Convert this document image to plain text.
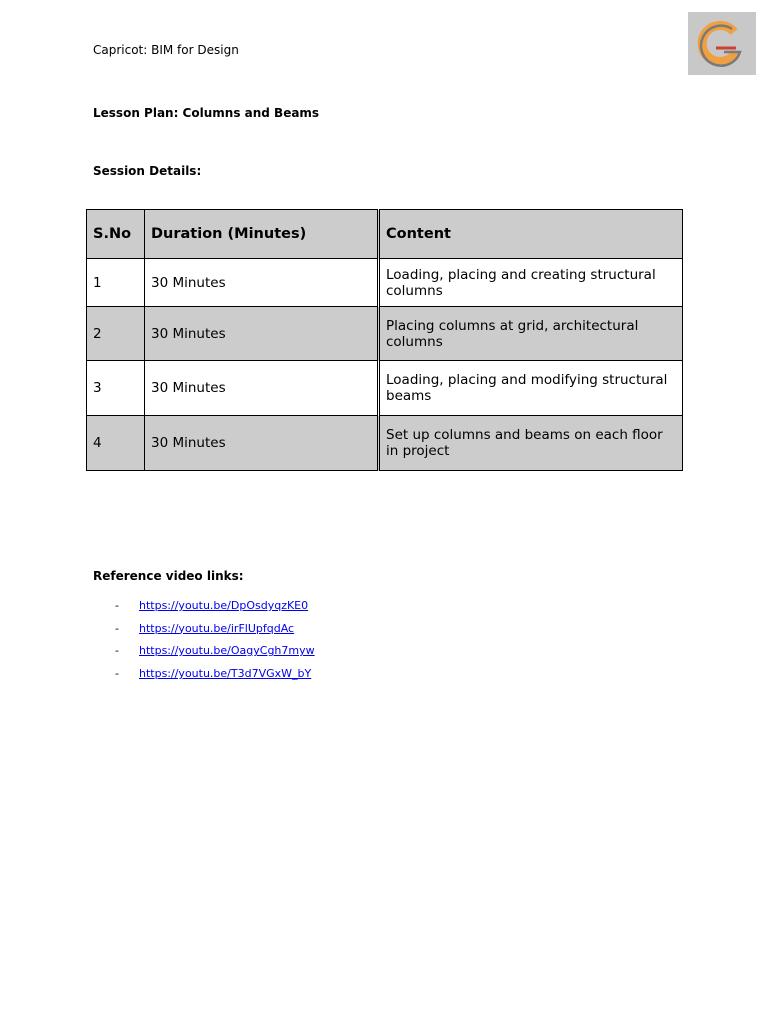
Capricot: BIM for Design
Lesson Plan: Columns and Beams
Session Details:
S.No	Duration (Minutes)	Content
1	30 Minutes	Loading, placing and creating structural columns
2	30 Minutes	Placing columns at grid, architectural columns
3	30 Minutes	Loading, placing and modifying structural beams
4	30 Minutes	Set up columns and beams on each floor in project
Reference video links:
- https://youtu.be/DpOsdyqzKE0
- https://youtu.be/irFlUpfqdAc
- https://youtu.be/OagyCgh7myw
- https://youtu.be/T3d7VGxW_bY
